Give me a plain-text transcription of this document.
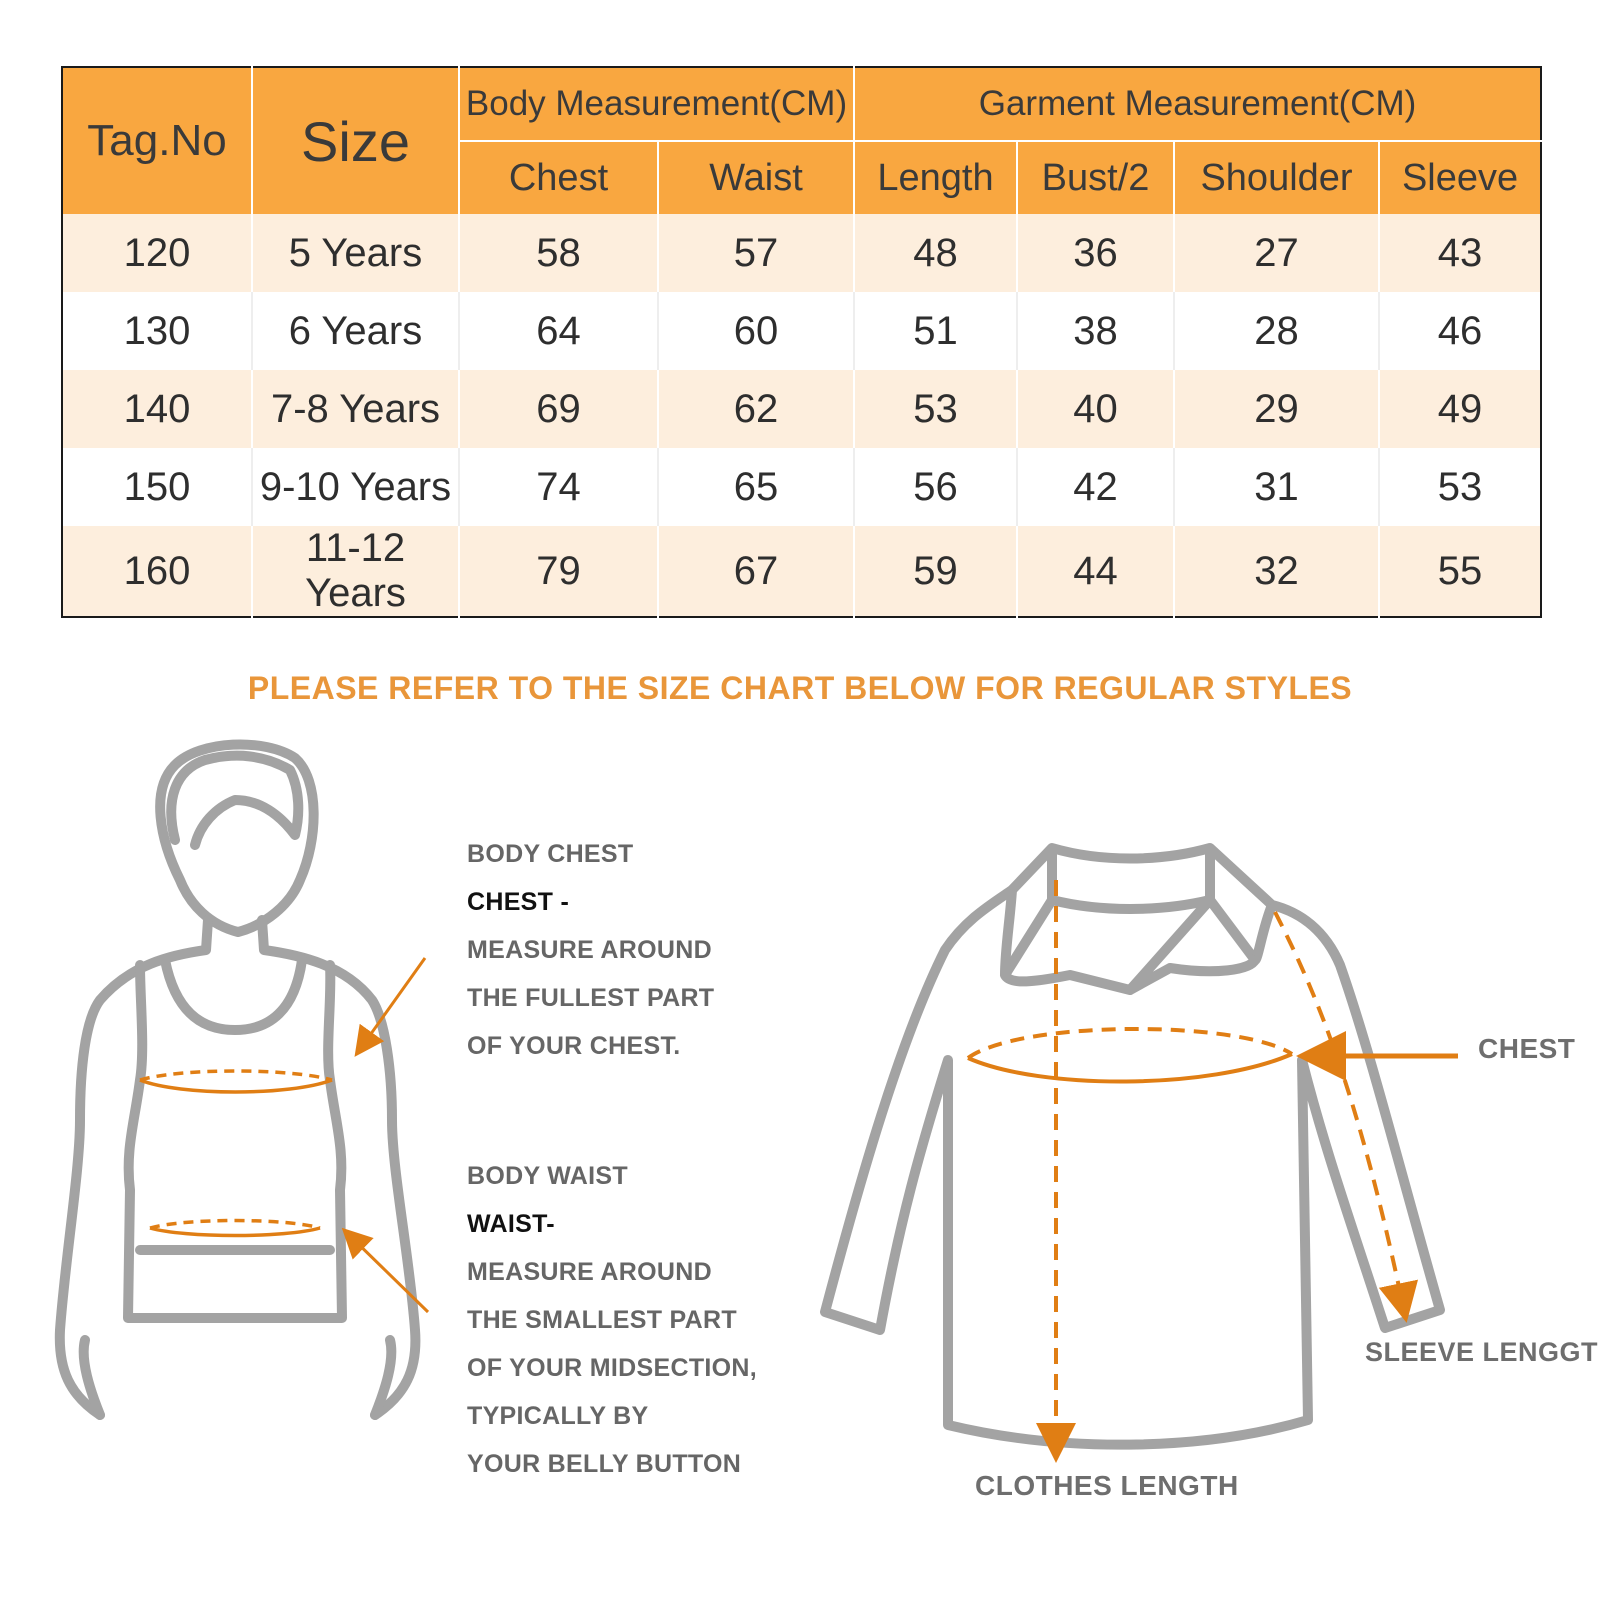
Tag.No	Size	Body Measurement(CM)		Garment Measurement(CM)			
		Chest	Waist	Length	Bust/2	Shoulder	Sleeve
120	5 Years	58	57	48	36	27	43
130	6 Years	64	60	51	38	28	46
140	7-8 Years	69	62	53	40	29	49
150	9-10 Years	74	65	56	42	31	53
160	11-12 Years	79	67	59	44	32	55
PLEASE REFER TO THE SIZE CHART BELOW FOR REGULAR STYLES
BODY CHEST
CHEST -
MEASURE AROUND
THE FULLEST PART
OF YOUR CHEST.
BODY WAIST
WAIST-
MEASURE AROUND
THE SMALLEST PART
OF YOUR MIDSECTION,
TYPICALLY BY
YOUR BELLY BUTTON
CHEST
SLEEVE LENGGT
CLOTHES LENGTH
